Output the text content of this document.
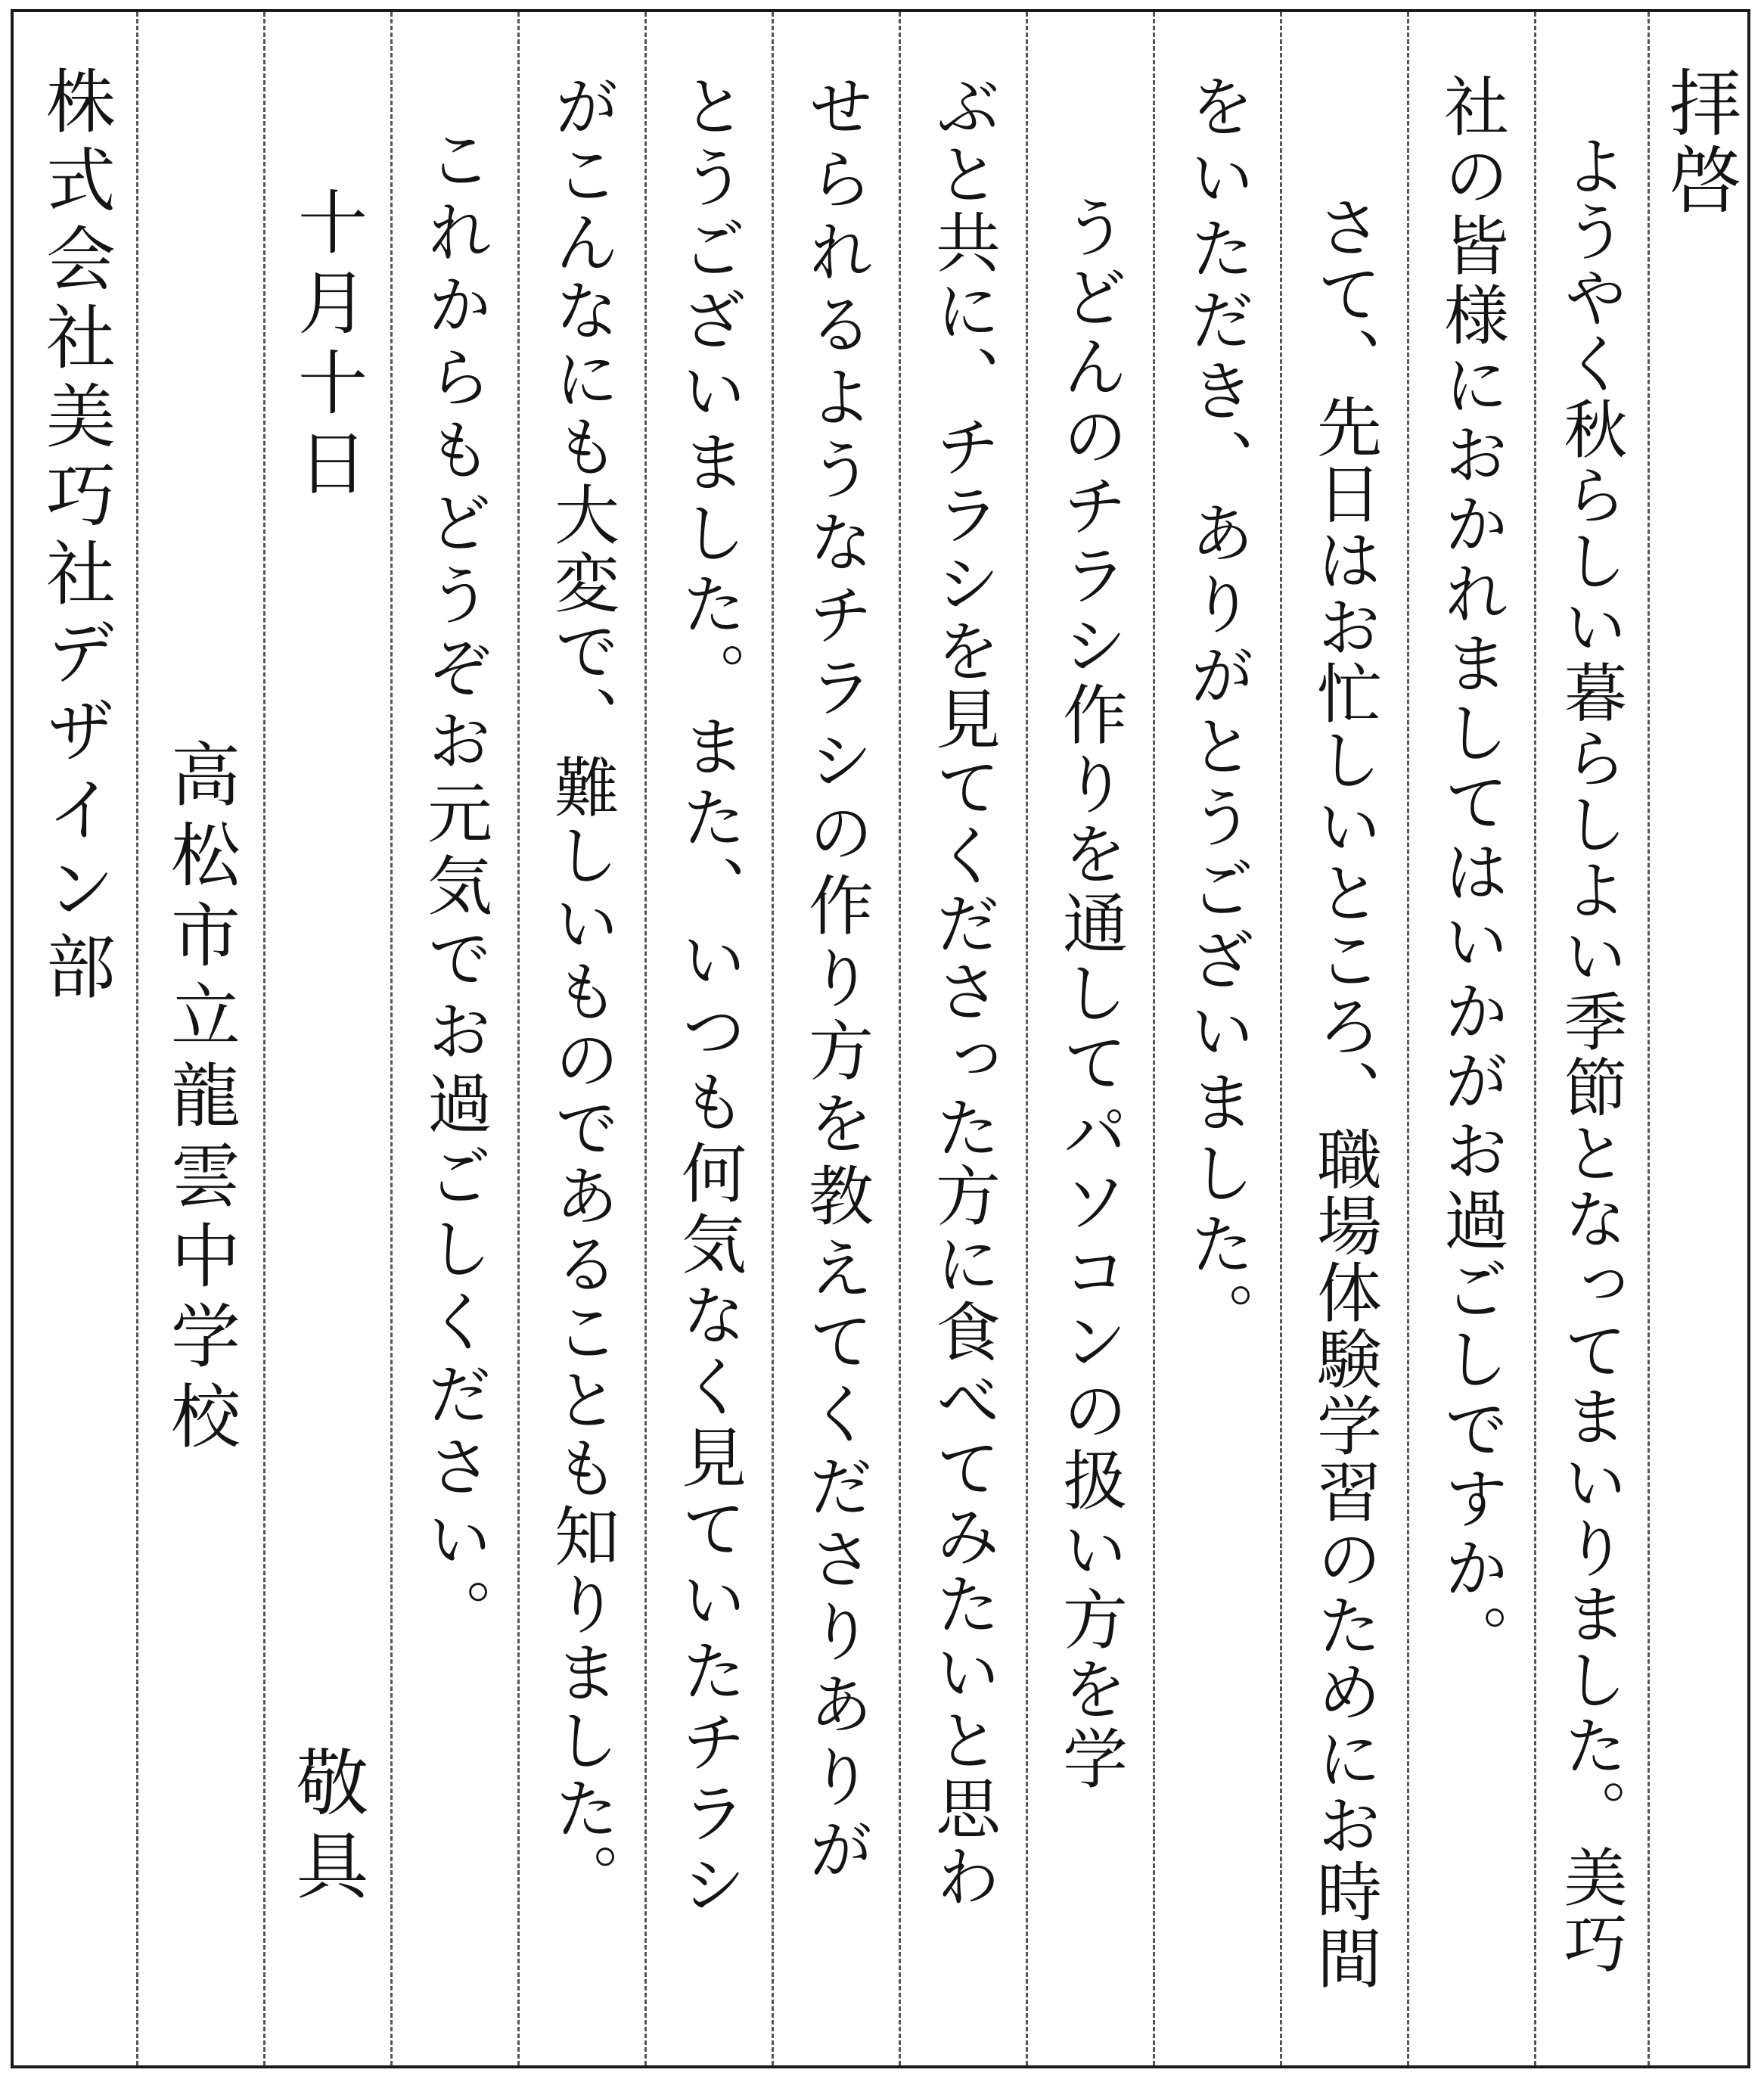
拝啓
ようやく秋らしい暮らしよい季節となってまいりました。美巧
社の皆様におかれましてはいかがお過ごしですか。
さて、先日はお忙しいところ、職場体験学習のためにお時間
をいただき、ありがとうございました。
うどんのチラシ作りを通してパソコンの扱い方を学
ぶと共に、チラシを見てくださった方に食べてみたいと思わ
せられるようなチラシの作り方を教えてくださりありが
とうございました。また、いつも何気なく見ていたチラシ
がこんなにも大変で、難しいものであることも知りました。
これからもどうぞお元気でお過ごしください。
十月十日
敬具
高松市立龍雲中学校
株式会社美巧社デザイン部
